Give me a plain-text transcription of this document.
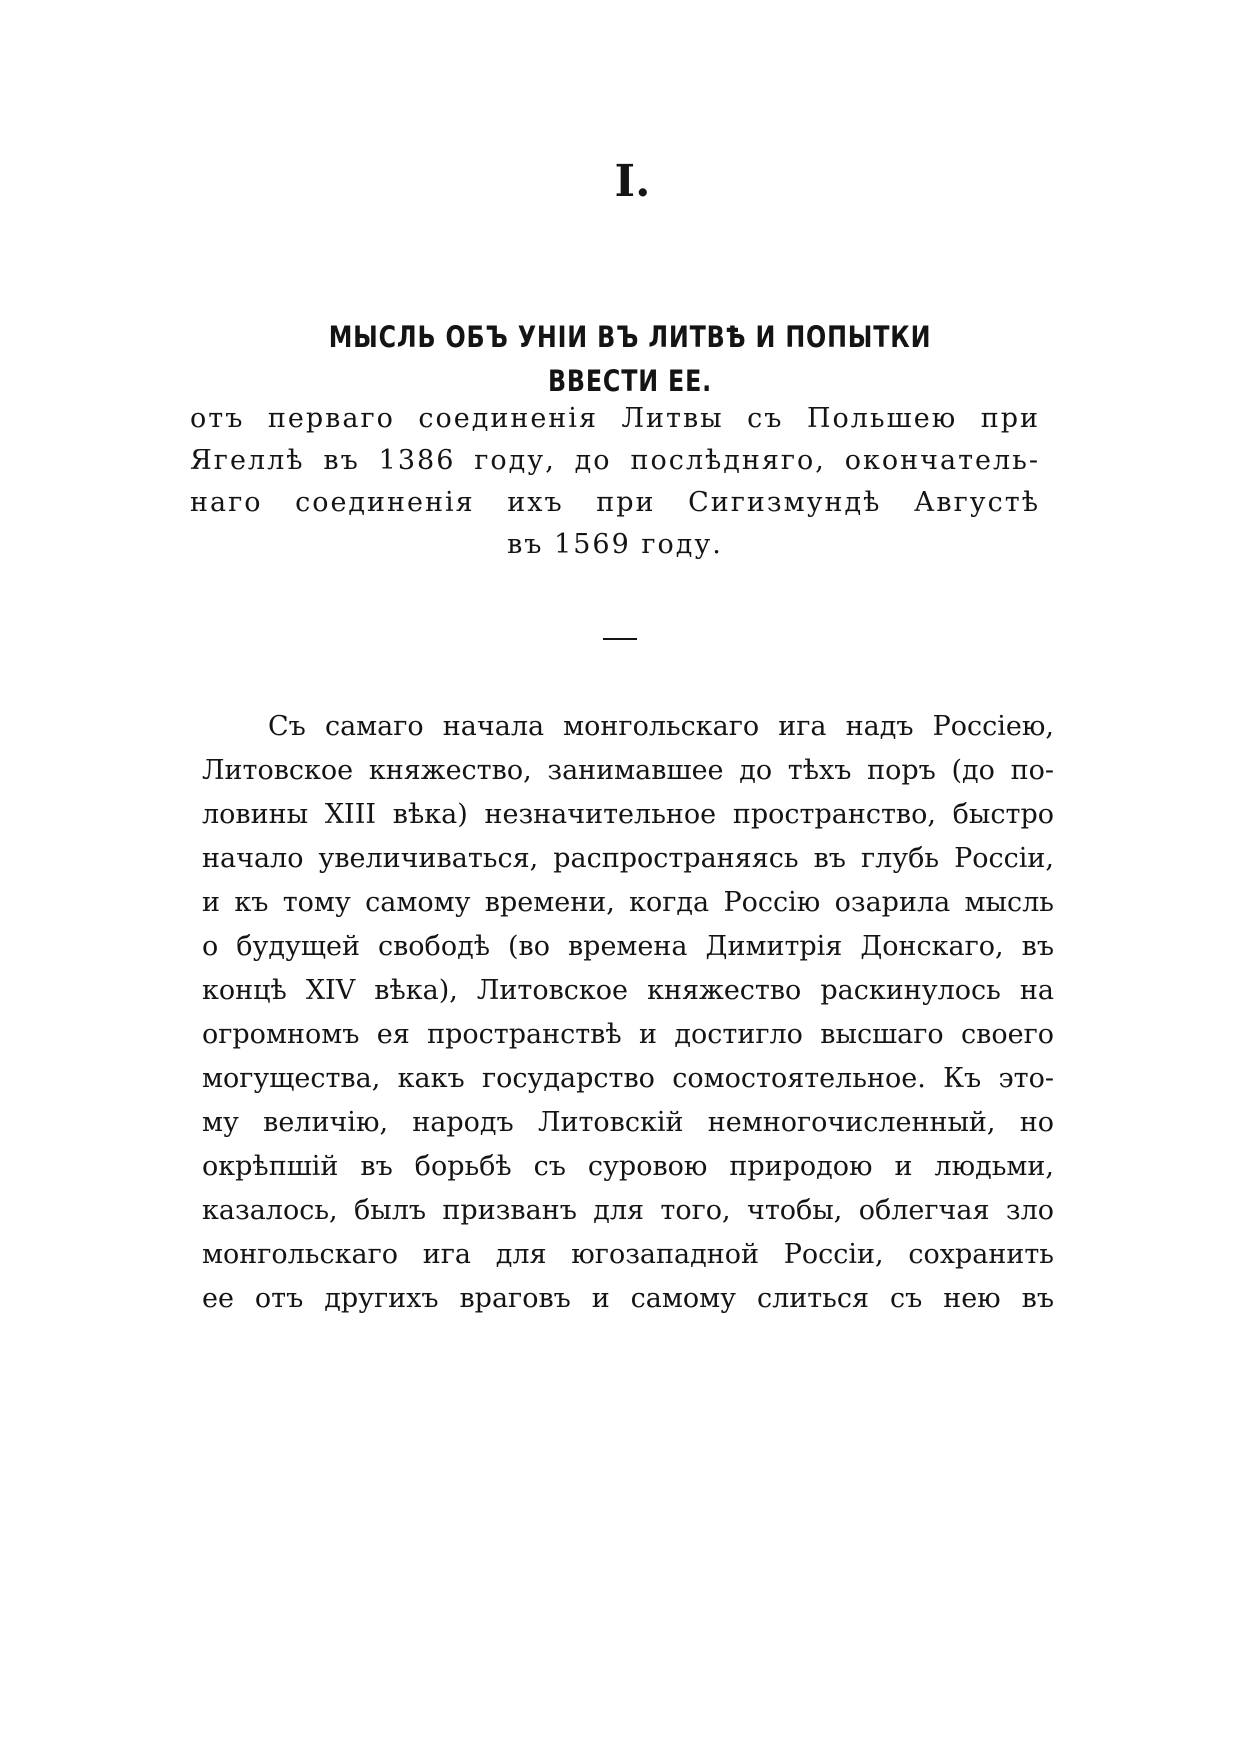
I.
МЫСЛЬ ОБЪ УНІИ ВЪ ЛИТВѢ И ПОПЫТКИ ВВЕСТИ ЕЕ.
отъ перваго соединенія Литвы съ Польшею при
Ягеллѣ въ 1386 году, до послѣдняго, окончатель-
наго соединенія ихъ при Сигизмундѣ Августѣ
въ 1569 году.
Съ самаго начала монгольскаго ига надъ Россіею,
Литовское княжество, занимавшее до тѣхъ поръ (до по-
ловины XIII вѣка) незначительное пространство, быстро
начало увеличиваться, распространяясь въ глубь Россіи,
и къ тому самому времени, когда Россію озарила мысль
о будущей свободѣ (во времена Димитрія Донскаго, въ
концѣ XIV вѣка), Литовское княжество раскинулось на
огромномъ ея пространствѣ и достигло высшаго своего
могущества, какъ государство сомостоятельное. Къ это-
му величію, народъ Литовскій немногочисленный, но
окрѣпшій въ борьбѣ съ суровою природою и людьми,
казалось, былъ призванъ для того, чтобы, облегчая зло
монгольскаго ига для югозападной Россіи, сохранить
ее отъ другихъ враговъ и самому слиться съ нею въ
